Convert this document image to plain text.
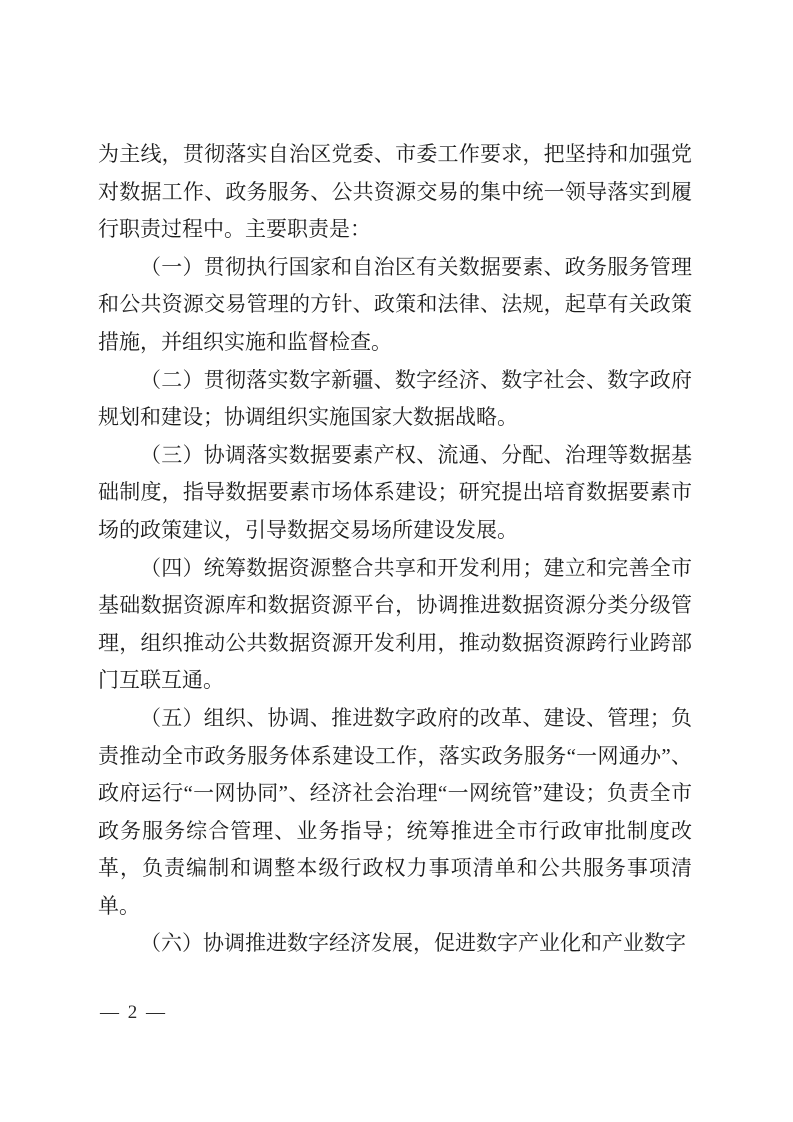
为主线，贯彻落实自治区党委、市委工作要求，把坚持和加强党对数据工作、政务服务、公共资源交易的集中统一领导落实到履行职责过程中。主要职责是：

（一）贯彻执行国家和自治区有关数据要素、政务服务管理和公共资源交易管理的方针、政策和法律、法规，起草有关政策措施，并组织实施和监督检查。

（二）贯彻落实数字新疆、数字经济、数字社会、数字政府规划和建设；协调组织实施国家大数据战略。

（三）协调落实数据要素产权、流通、分配、治理等数据基础制度，指导数据要素市场体系建设；研究提出培育数据要素市场的政策建议，引导数据交易场所建设发展。

（四）统筹数据资源整合共享和开发利用；建立和完善全市基础数据资源库和数据资源平台，协调推进数据资源分类分级管理，组织推动公共数据资源开发利用，推动数据资源跨行业跨部门互联互通。

（五）组织、协调、推进数字政府的改革、建设、管理；负责推动全市政务服务体系建设工作，落实政务服务“一网通办”、政府运行“一网协同”、经济社会治理“一网统管”建设；负责全市政务服务综合管理、业务指导；统筹推进全市行政审批制度改革，负责编制和调整本级行政权力事项清单和公共服务事项清单。

（六）协调推进数字经济发展，促进数字产业化和产业数字

— 2 —
